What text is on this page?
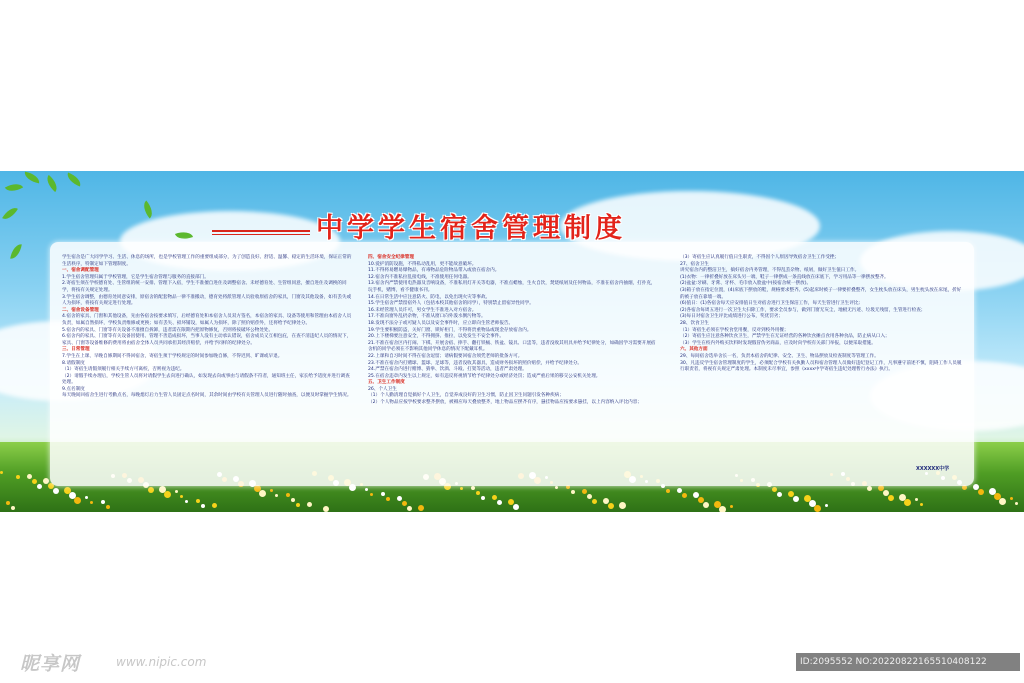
中学学生宿舍管理制度

学生宿舍是广大同学学习、生活、休息的场所，也是学校管理工作的重要组成部分，为了创造良好、舒适、温馨、稳定的生活环境，保证正常的生活秩序，特制定如下管理制度。

一、宿舍调配管理

1.学生宿舍管理归属于学校管理，它是学生宿舍管理与服务的直接部门。

2.寄宿生须在学校德育处、生管组的统一安排、管理下入宿，学生不准擅自进住及调整宿舍。未经德育处、生管组同意，擅自进住及调换的同学，将按有关规定处理。

3.学生宿舍调整，由德育处同意安排，原宿舍的配套物品一律不准搬动，德育处将派管理人员验收原宿舍的家具，门窗及其他设备，如有丢失或人为损坏，将按有关规定进行处理。

二、宿舍设备管理

4.宿舍的家具、门窗和其他设备，先由各宿舍按要求填写，后经德育处和本宿舍人员双方签名，本宿舍的家具、设备等使用和管理由本宿舍人员负责，如属自然损坏，学校负责维修或更换；如有丢失、损坏铺设，如属人为损坏，除了照价赔偿外，还将给予纪律处分。

5.宿舍内的家具、门窗等有关设备不准擅自拆卸，违者需在限期内把原物修复，否则将按破坏公物处处。

6.宿舍内的家具、门窗等有关设备因使用、管理不善造成损坏，当事人没有主动承认错误，宿舍成员又互相包庇，在查不清违纪人员的情况下，家具、门窗等设备维修的费用将由宿舍全体人员共同承担其经济赔偿，并给予同样的纪律处分。

三、日常管理

7.学生在上课、早晚自修期间不得回宿舍，寄宿生须于学校规定的时间参加晚自修，不得迟到、旷课或早退。

8.请假制度

（1）寄宿生请假须履行相关手续方可离校，否则视为违纪。

（2）请假手续办理后，学校生管人员将对请假学生去向进行确认，如发现去向或事由与请假条不符者，通知班主任，家长给予适度并进行调查处理。

9.点名制度

每天晚间回宿舍生进行考勤点名，每晚熄灯后力生管人员固定点名时间，其余时间由学校有关管理人员进行随时抽查，以便及时掌握学生情况。

四、宿舍安全纪律管理

10.爱护消防设施，不得私动乱用，更不能故意破坏。

11.不得将易燃易爆物品，有毒物品危险物品带入或放在宿舍内。

12.宿舍内不准私拉乱接电线，不准使用任何电器。

13.宿舍内严禁使用电热器及音响设备，不准私用灯开关等电器，不准点蜡烛，生火自饮，焚烧纸屑及任何物品，不准在宿舍内抽烟，打扑克，玩手机，赌博，看不健康书刊。

14.在日常生活中应注意防火、防电，以免出现火灾等事故。

15.学生宿舍严禁留宿外人（包括本校其他宿舍的同学），特别禁止留宿异性同学。

16.未经管理人员许可，男女学生不准进入对方宿舍。

17.不准向窗外乱扔杂物，不准从窗口向外泼水倒污物等。

18.发现不法分子或可疑人员以及安全事件时，应立即向生管老师报告。

19.学生要积极防盗，关好门窗、锁好柜门，不得将贵重物品或现金存放宿舍内。

20.上下楼梯要注意安全，不得拥挤、推拉，以免发生不安全事件。

21.不准在宿舍区内打闹、下棋、开展舍宿、摔手、翻打铁桶、铁盆、镜具、口盅等，违者没收其用具并给予纪律处分，如确因学习需要开展宿舍机的同学必须在不影响其他同学休息的情况下配戴耳机。

22.上课和自习时间不得在宿舍逗留；请病假要回宿舍须凭老师的批条方可。

23.不准在宿舍内打赌球、篮球、足球等，违者没收其器具，造成财务损坏的照价赔偿，并给予纪律处分。

24.严禁在宿舍内进行赌博、猜拳、饮酒、斗殴、打架等活动，违者严肃处理。

25.在宿舍违章内发生以上规定，如有违反将视情节给予纪律处分或经济处罚；造成严重后果的移交公安机关处理。

五、卫生工作制度

26、个人卫生

（1）个人勤清理自觉搞好个人卫生，自觉养成良好的卫生习惯，防止因卫生问题引发各种疾病；

（2）个人物品应按学校要求整齐摆放，被褥应每天叠放整齐，地上物品应摆齐有序，悬挂物品应按要求悬挂，以上内容纳入评比内容；

（3）寄宿生应认真履行值日生职责，不得因个人原因导致宿舍卫生工作受挫；

27、宿舍卫生

讲究宿舍内的整洁卫生，搞好宿舍内务管理，不得乱丢杂物、纸屑，做好卫生值日工作。

(1)衣物：一律折叠好放在床头另一端，鞋子一律摆成一条直线放在床底下，学习用品等一律摆放整齐。

(2)盆盆:牙刷、牙膏、牙杯、毛巾放入脸盆中(按宿舍统一摆放)。

(3)箱子放在指定位置，(4)床底下摆放的鞋，规格要求整齐。(5)起床时被子一律要折叠整齐，女生枕头放在床头，男生枕头放在床尾，折好的被子放在靠墙一端。

(6)值日：(1)各宿舍每天应安排值日生对宿舍进行卫生保洁工作，每天生管进行卫生评比;

(2)各宿舍每周五进行一次卫生大扫除工作，要求全员参与，做到门窗无灰尘，地板无污迹、垃圾无残留，生管进行检查；

(3)每日对宿舍卫生评比成绩进行公布，奖优罚劣；

28、饮食卫生

（1）寄宿生必须在学校食堂用餐，反对到校外用餐；

（2）寄宿生应注意各种饮食卫生，严禁学生在无证经营的各种饮食摊点食用各种食品，防止病从口入；

（3）学生在校内外购买饮料时发现假冒伪劣商品，应及时向学校有关部门举报，以便采取措施。

六、其他方面

29、每间宿舍选举舍长一名，负责本宿舍的纪律、安全、卫生、物品摆放及检查制度等管理工作。

30、凡违反学生宿舍管理制度的学生，必须配合学校有关执勤人员和宿舍管理人员做好违纪登记工作，凡事遵守前述不慎，阻碍工作人员履行职责者，将视有关规定严肃处理。本制度未尽事宜，参照《xxxx中学寄宿生违纪处理暂行办法》执行。

XXXXXX中学
昵享网	www.nipic.com	ID:2095552 NO:20220822165510408122
